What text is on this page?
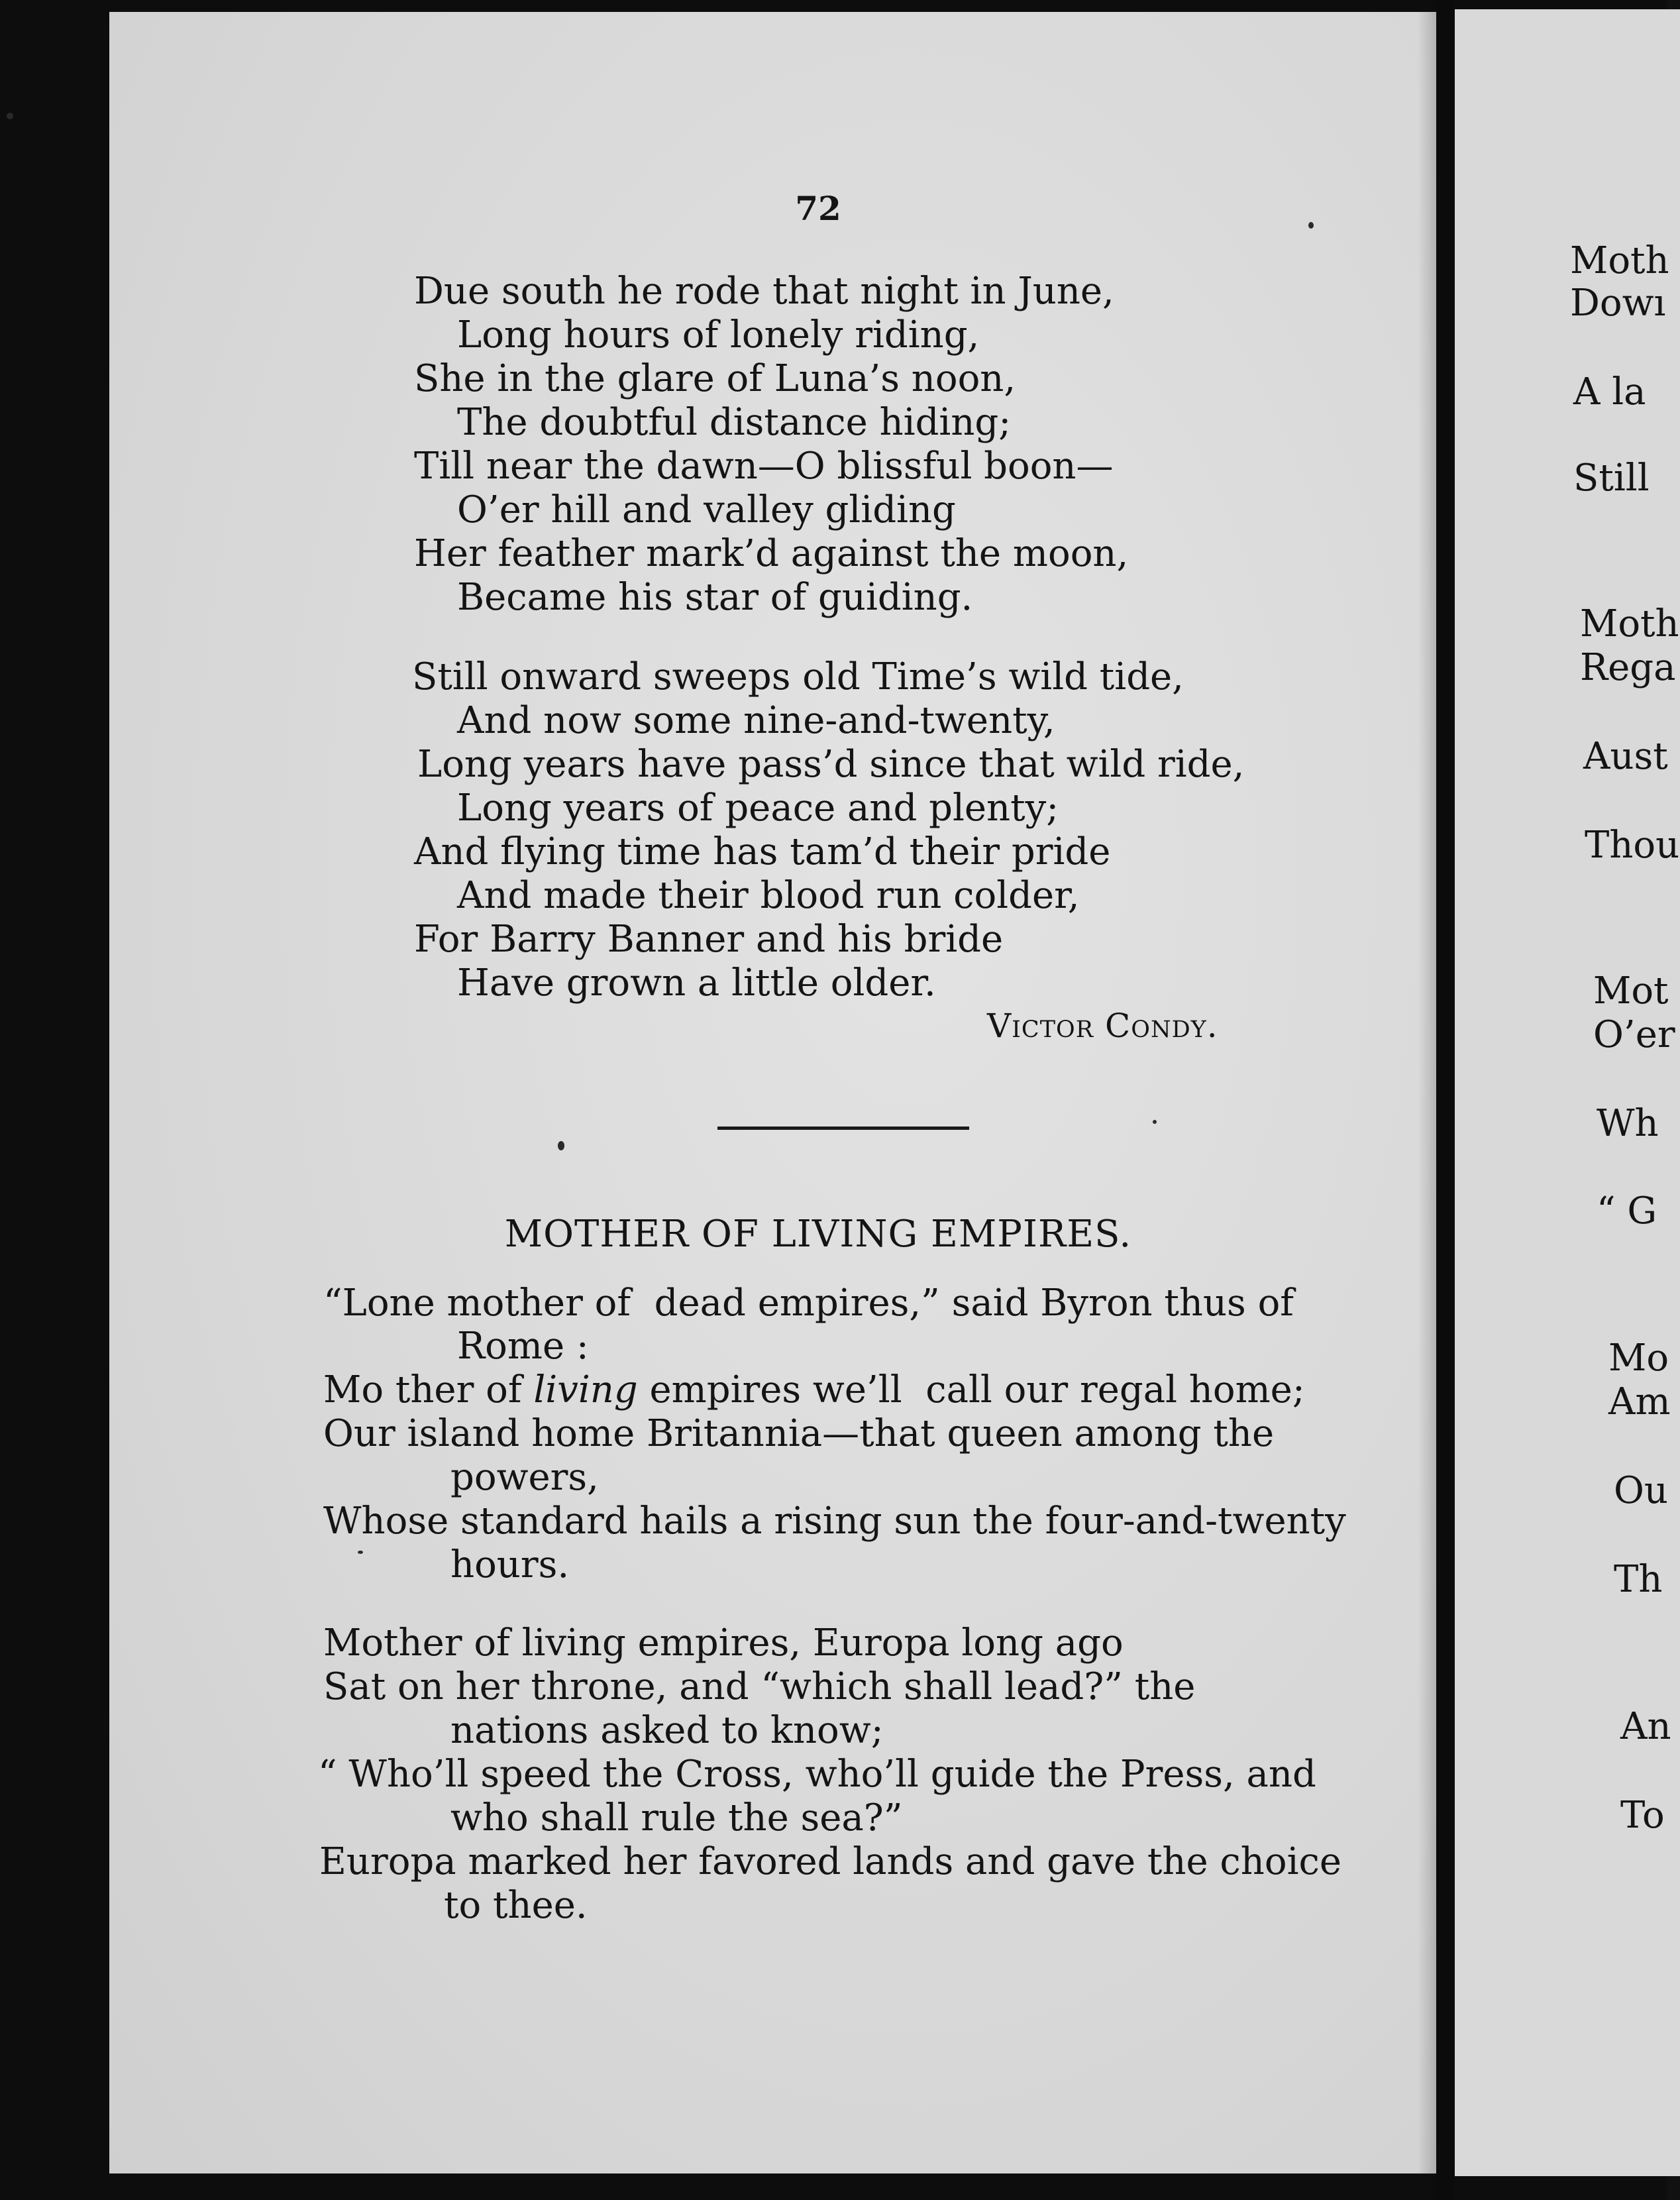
72
Due south he rode that night in June,
Long hours of lonely riding,
She in the glare of Luna’s noon,
The doubtful distance hiding;
Till near the dawn—O blissful boon—
O’er hill and valley gliding
Her feather mark’d against the moon,
Became his star of guiding.
Still onward sweeps old Time’s wild tide,
And now some nine-and-twenty,
Long years have pass’d since that wild ride,
Long years of peace and plenty;
And flying time has tam’d their pride
And made their blood run colder,
For Barry Banner and his bride
Have grown a little older.
Victor Condy.
MOTHER OF LIVING EMPIRES.
“Lone mother of  dead empires,” said Byron thus of
Rome :
Mo ther of living empires we’ll  call our regal home;
Our island home Britannia—that queen among the
powers,
Whose standard hails a rising sun the four-and-twenty
hours.
Mother of living empires, Europa long ago
Sat on her throne, and “which shall lead?” the
nations asked to know;
“ Who’ll speed the Cross, who’ll guide the Press, and
who shall rule the sea?”
Europa marked her favored lands and gave the choice
to thee.
Moth
Dowı
A la
Still
Moth
Rega
Aust
Thou
Mot
O’er
Wh
“ G
Mo
Am
Ou
Th
An
To
